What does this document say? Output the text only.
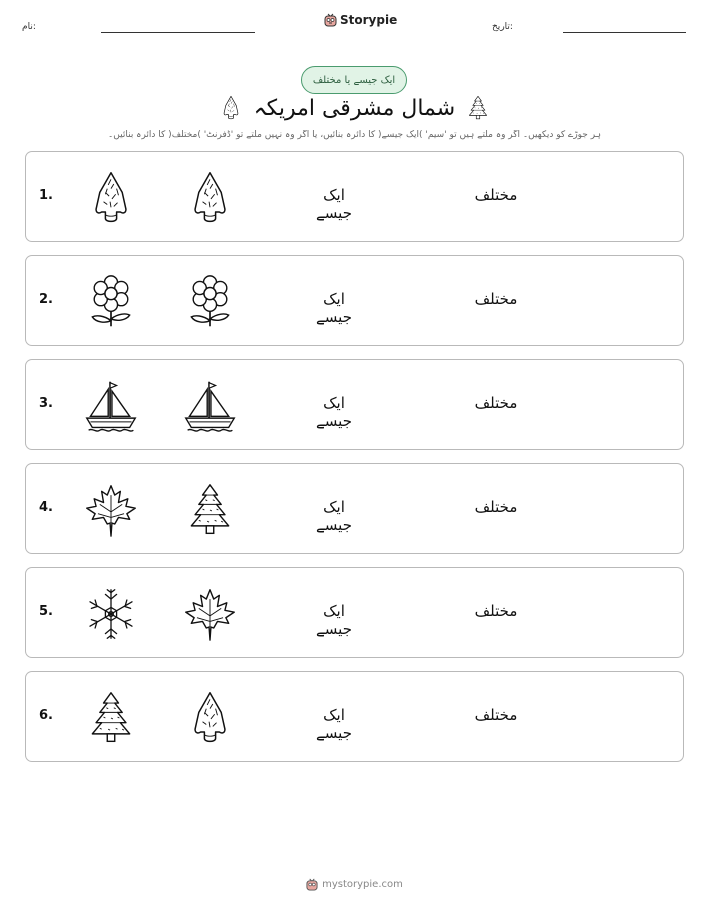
نام:	Storypie	تاریخ:
ایک جیسے یا مختلف
شمال مشرقی امریکہ
ہر جوڑے کو دیکھیں۔ اگر وہ ملتے ہیں تو 'سیم' )ایک جیسے( کا دائرہ بنائیں، یا اگر وہ نہیں ملتے تو 'ڈفرنٹ' )مختلف( کا دائرہ بنائیں۔
1.	ایک جیسے
مختلف
2.	ایک جیسے
مختلف
3.	ایک جیسے
مختلف
4.	ایک جیسے
مختلف
5.	ایک جیسے
مختلف
6.	ایک جیسے
مختلف
mystorypie.com
